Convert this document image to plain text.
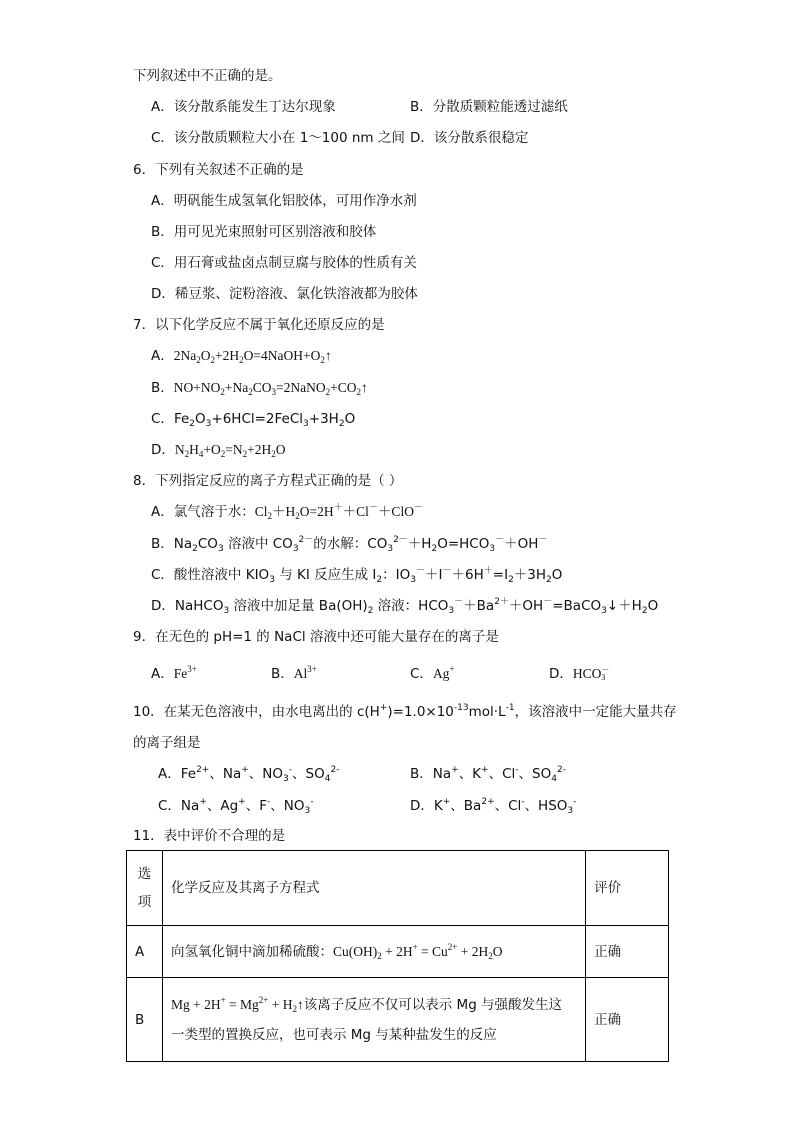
下列叙述中不正确的是。
A．该分散系能发生丁达尔现象	B．分散质颗粒能透过滤纸
C．该分散质颗粒大小在 1～100 nm 之间 D．该分散系很稳定
6．下列有关叙述不正确的是
A．明矾能生成氢氧化铝胶体，可用作净水剂
B．用可见光束照射可区别溶液和胶体
C．用石膏或盐卤点制豆腐与胶体的性质有关
D．稀豆浆、淀粉溶液、氯化铁溶液都为胶体
7．以下化学反应不属于氧化还原反应的是
A．$2Na_2O_2+2H_2O=4NaOH+O_2↑$
B．$NO+NO_2+Na_2CO_3=2NaNO_2+CO_2↑$
C．$Fe_2O_3+6HCl=2FeCl_3+3H_2O$
D．$N_2H_4+O_2=N_2+2H_2O$
8．下列指定反应的离子方程式正确的是（ ）
A．氯气溶于水：$Cl_2+H_2O=2H^++Cl^-+ClO^-$
B．$Na_2CO_3$ 溶液中 $CO_3^{2-}$的水解：$CO_3^{2-}+H_2O=HCO_3^-+OH^-$
C．酸性溶液中 $KIO_3$ 与 KI 反应生成 $I_2$：$IO_3^-+I^-+6H^+=I_2+3H_2O$
D．NaHCO$_3$ 溶液中加足量 $Ba(OH)_2$ 溶液：$HCO_3^-+Ba^{2+}+OH^-=BaCO_3↓+H_2O$
9．在无色的 pH=1 的 NaCl 溶液中还可能大量存在的离子是
A．$Fe^{3+}$	B．$Al^{3+}$	C．Ag+	D．HCO－
3
10．在某无色溶液中，由水电离出的 $c(H^+)=1.0\times 10^{-13}mol\cdot L^{-1}$，该溶液中一定能大量共存
的离子组是
A．$Fe^{2+}$、Na+、$NO_3^-$、$SO_4^{2-}$	B．Na+、K+、Cl-、$SO_4^{2-}$
C．Na+、Ag+、F-、$NO_3^-$	D．K+、$Ba^{2+}$、Cl-、$HSO_3^-$
11．表中评价不合理的是
选项	化学反应及其离子方程式	评价
A	向氢氧化铜中滴加稀硫酸：$Cu(OH)_2 + 2H^+ = Cu^{2+} + 2H_2O$	正确
B	$Mg + 2H^+ = Mg^{2+}$ + $H_2↑$该离子反应不仅可以表示 Mg 与强酸发生这
一类型的置换反应，也可表示 Mg 与某种盐发生的反应	正确
